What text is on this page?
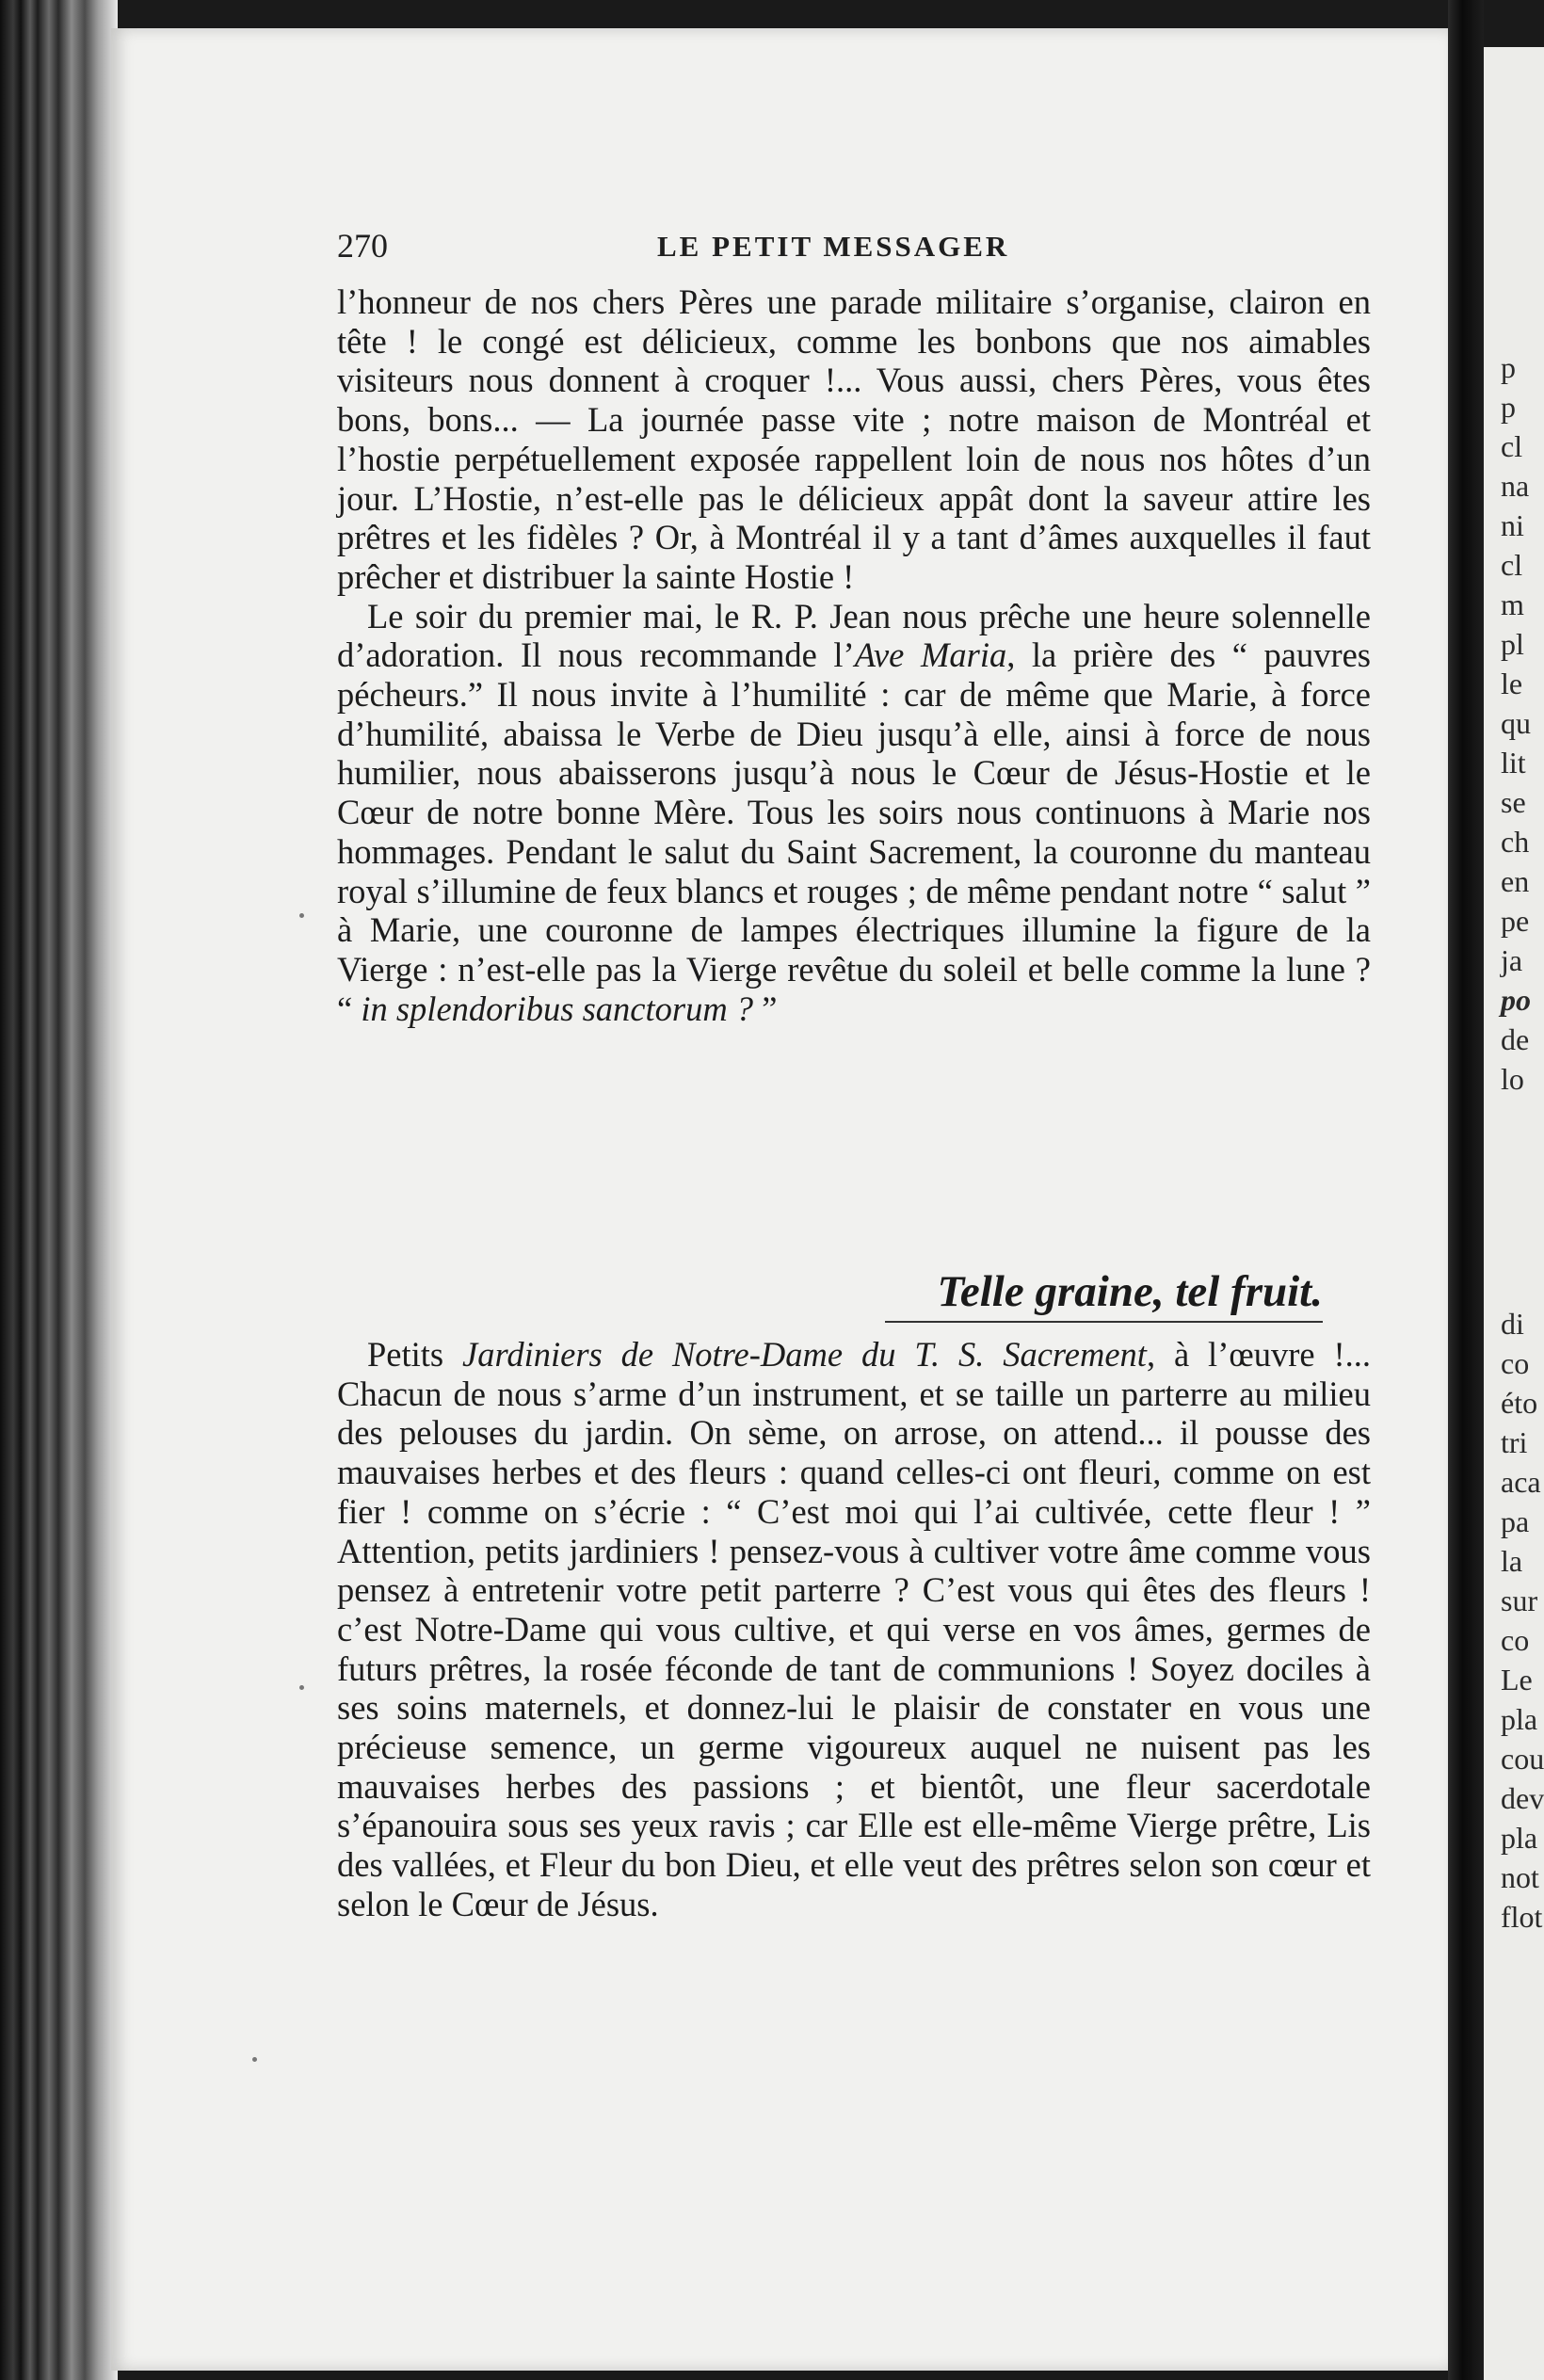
p
p
cl
na
ni
cl
m
pl
le
qu
lit
se
ch
en
pe
ja
po
de
lo
di
co
éto
tri
aca
pa
la
sur
co
Le
pla
cou
dev
pla
not
flot
270	LE PETIT MESSAGER

l’honneur de nos chers Pères une parade militaire s’organise, clairon en tête ! le congé est délicieux, comme les bonbons que nos aimables visiteurs nous donnent à croquer !... Vous aussi, chers Pères, vous êtes bons, bons... — La journée passe vite ; notre maison de Montréal et l’hostie perpétuellement exposée rappellent loin de nous nos hôtes d’un jour. L’Hostie, n’est-elle pas le délicieux appât dont la saveur attire les prêtres et les fidèles ? Or, à Montréal il y a tant d’âmes auxquelles il faut prêcher et distribuer la sainte Hostie !

Le soir du premier mai, le R. P. Jean nous prêche une heure solennelle d’adoration. Il nous recommande l’Ave Maria, la prière des “ pauvres pécheurs.” Il nous invite à l’humilité : car de même que Marie, à force d’humilité, abaissa le Verbe de Dieu jusqu’à elle, ainsi à force de nous humilier, nous abaisserons jusqu’à nous le Cœur de Jésus-Hostie et le Cœur de notre bonne Mère. Tous les soirs nous continuons à Marie nos hommages. Pendant le salut du Saint Sacrement, la couronne du manteau royal s’illumine de feux blancs et rouges ; de même pendant notre “ salut ” à Marie, une couronne de lampes électriques illumine la figure de la Vierge : n’est-elle pas la Vierge revêtue du soleil et belle comme la lune ? “ in splendoribus sanctorum ? ”

Telle graine, tel fruit.

Petits Jardiniers de Notre-Dame du T. S. Sacrement, à l’œuvre !... Chacun de nous s’arme d’un instrument, et se taille un parterre au milieu des pelouses du jardin. On sème, on arrose, on attend... il pousse des mauvaises herbes et des fleurs : quand celles-ci ont fleuri, comme on est fier ! comme on s’écrie : “ C’est moi qui l’ai cultivée, cette fleur ! ” Attention, petits jardiniers ! pensez-vous à cultiver votre âme comme vous pensez à entretenir votre petit parterre ? C’est vous qui êtes des fleurs ! c’est Notre-Dame qui vous cultive, et qui verse en vos âmes, germes de futurs prêtres, la rosée féconde de tant de communions ! Soyez dociles à ses soins maternels, et donnez-lui le plaisir de constater en vous une précieuse semence, un germe vigoureux auquel ne nuisent pas les mauvaises herbes des passions ; et bientôt, une fleur sacerdotale s’épanouira sous ses yeux ravis ; car Elle est elle-même Vierge prêtre, Lis des vallées, et Fleur du bon Dieu, et elle veut des prêtres selon son cœur et selon le Cœur de Jésus.
